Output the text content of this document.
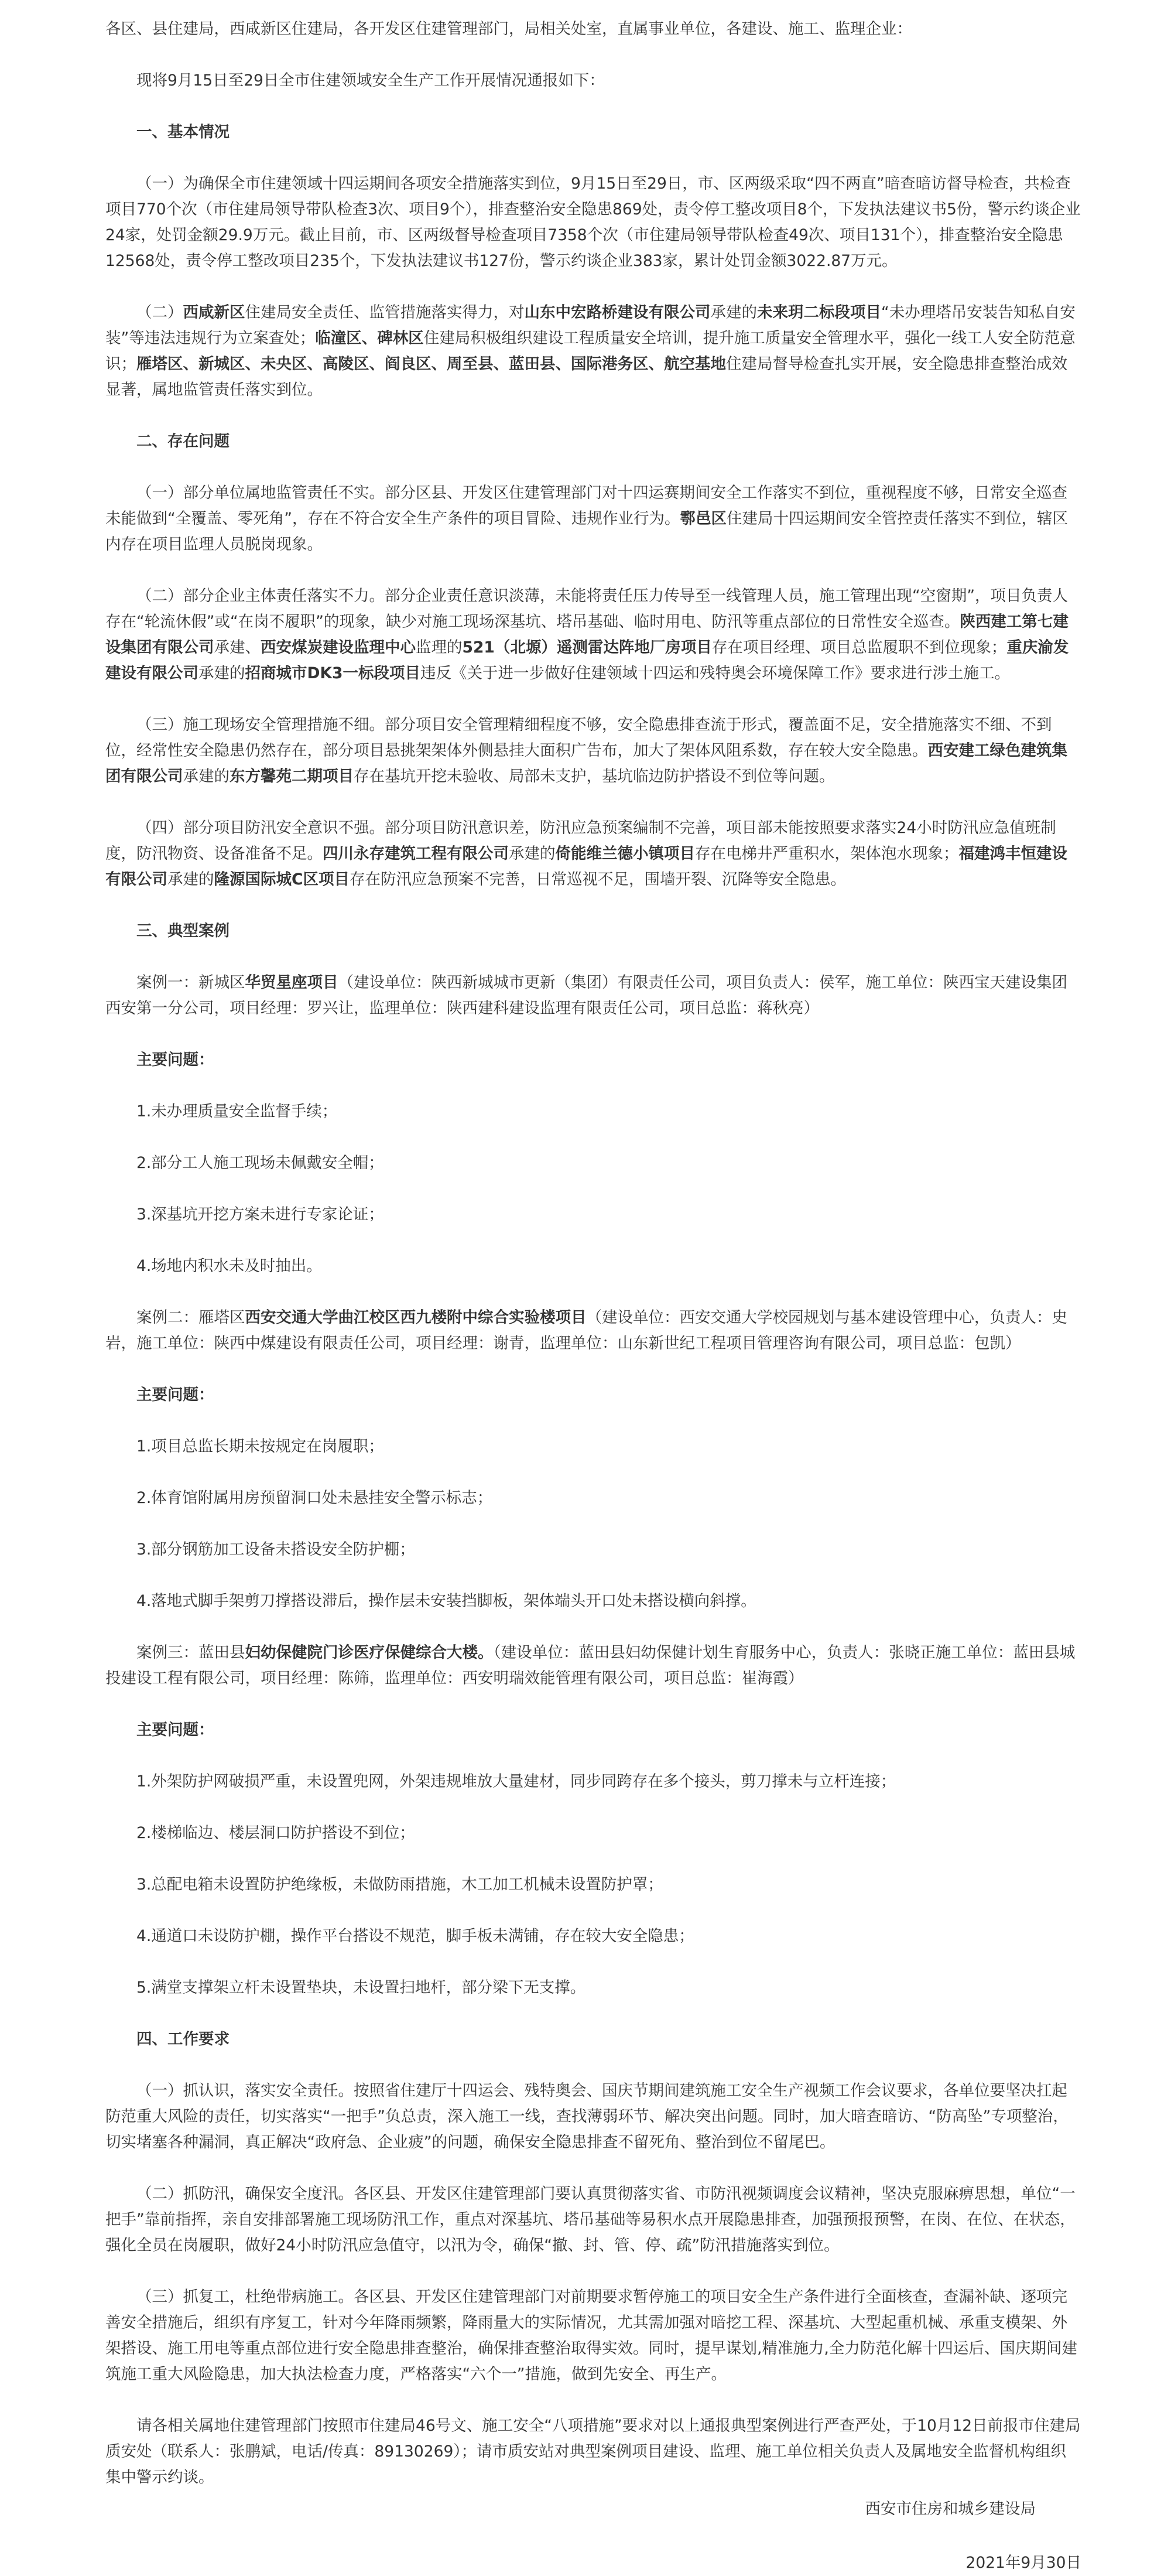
各区、县住建局，西咸新区住建局，各开发区住建管理部门，局相关处室，直属事业单位，各建设、施工、监理企业：

现将9月15日至29日全市住建领域安全生产工作开展情况通报如下：

一、基本情况

（一）为确保全市住建领域十四运期间各项安全措施落实到位，9月15日至29日，市、区两级采取“四不两直”暗查暗访督导检查，共检查项目770个次（市住建局领导带队检查3次、项目9个），排查整治安全隐患869处，责令停工整改项目8个，下发执法建议书5份，警示约谈企业24家，处罚金额29.9万元。截止目前，市、区两级督导检查项目7358个次（市住建局领导带队检查49次、项目131个），排查整治安全隐患12568处，责令停工整改项目235个，下发执法建议书127份，警示约谈企业383家，累计处罚金额3022.87万元。

（二）西咸新区住建局安全责任、监管措施落实得力，对山东中宏路桥建设有限公司承建的未来玥二标段项目“未办理塔吊安装告知私自安装”等违法违规行为立案查处；临潼区、碑林区住建局积极组织建设工程质量安全培训，提升施工质量安全管理水平，强化一线工人安全防范意识；雁塔区、新城区、未央区、高陵区、阎良区、周至县、蓝田县、国际港务区、航空基地住建局督导检查扎实开展，安全隐患排查整治成效显著，属地监管责任落实到位。

二、存在问题

（一）部分单位属地监管责任不实。部分区县、开发区住建管理部门对十四运赛期间安全工作落实不到位，重视程度不够，日常安全巡查未能做到“全覆盖、零死角”，存在不符合安全生产条件的项目冒险、违规作业行为。鄠邑区住建局十四运期间安全管控责任落实不到位，辖区内存在项目监理人员脱岗现象。

（二）部分企业主体责任落实不力。部分企业责任意识淡薄，未能将责任压力传导至一线管理人员，施工管理出现“空窗期”，项目负责人存在“轮流休假”或“在岗不履职”的现象，缺少对施工现场深基坑、塔吊基础、临时用电、防汛等重点部位的日常性安全巡查。陕西建工第七建设集团有限公司承建、西安煤炭建设监理中心监理的521（北塬）遥测雷达阵地厂房项目存在项目经理、项目总监履职不到位现象；重庆渝发建设有限公司承建的招商城市DK3一标段项目违反《关于进一步做好住建领域十四运和残特奥会环境保障工作》要求进行涉土施工。

（三）施工现场安全管理措施不细。部分项目安全管理精细程度不够，安全隐患排查流于形式，覆盖面不足，安全措施落实不细、不到位，经常性安全隐患仍然存在，部分项目悬挑架架体外侧悬挂大面积广告布，加大了架体风阻系数，存在较大安全隐患。西安建工绿色建筑集团有限公司承建的东方馨苑二期项目存在基坑开挖未验收、局部未支护，基坑临边防护搭设不到位等问题。

（四）部分项目防汛安全意识不强。部分项目防汛意识差，防汛应急预案编制不完善，项目部未能按照要求落实24小时防汛应急值班制度，防汛物资、设备准备不足。四川永存建筑工程有限公司承建的倚能维兰德小镇项目存在电梯井严重积水，架体泡水现象；福建鸿丰恒建设有限公司承建的隆源国际城C区项目存在防汛应急预案不完善，日常巡视不足，围墙开裂、沉降等安全隐患。

三、典型案例

案例一：新城区华贸星座项目（建设单位：陕西新城城市更新（集团）有限责任公司，项目负责人：侯军，施工单位：陕西宝天建设集团西安第一分公司，项目经理：罗兴让，监理单位：陕西建科建设监理有限责任公司，项目总监：蒋秋亮）

主要问题：

1.未办理质量安全监督手续；

2.部分工人施工现场未佩戴安全帽；

3.深基坑开挖方案未进行专家论证；

4.场地内积水未及时抽出。

案例二：雁塔区西安交通大学曲江校区西九楼附中综合实验楼项目（建设单位：西安交通大学校园规划与基本建设管理中心，负责人：史岩，施工单位：陕西中煤建设有限责任公司，项目经理：谢青，监理单位：山东新世纪工程项目管理咨询有限公司，项目总监：包凯）

主要问题：

1.项目总监长期未按规定在岗履职；

2.体育馆附属用房预留洞口处未悬挂安全警示标志；

3.部分钢筋加工设备未搭设安全防护棚；

4.落地式脚手架剪刀撑搭设滞后，操作层未安装挡脚板，架体端头开口处未搭设横向斜撑。

案例三：蓝田县妇幼保健院门诊医疗保健综合大楼。（建设单位：蓝田县妇幼保健计划生育服务中心，负责人：张晓正施工单位：蓝田县城投建设工程有限公司，项目经理：陈筛，监理单位：西安明瑞效能管理有限公司，项目总监：崔海霞）

主要问题：

1.外架防护网破损严重，未设置兜网，外架违规堆放大量建材，同步同跨存在多个接头，剪刀撑未与立杆连接；

2.楼梯临边、楼层洞口防护搭设不到位；

3.总配电箱未设置防护绝缘板，未做防雨措施，木工加工机械未设置防护罩；

4.通道口未设防护棚，操作平台搭设不规范，脚手板未满铺，存在较大安全隐患；

5.满堂支撑架立杆未设置垫块，未设置扫地杆，部分梁下无支撑。

四、工作要求

（一）抓认识，落实安全责任。按照省住建厅十四运会、残特奥会、国庆节期间建筑施工安全生产视频工作会议要求，各单位要坚决扛起防范重大风险的责任，切实落实“一把手”负总责，深入施工一线，查找薄弱环节、解决突出问题。同时，加大暗查暗访、“防高坠”专项整治，切实堵塞各种漏洞，真正解决“政府急、企业疲”的问题，确保安全隐患排查不留死角、整治到位不留尾巴。

（二）抓防汛，确保安全度汛。各区县、开发区住建管理部门要认真贯彻落实省、市防汛视频调度会议精神，坚决克服麻痹思想，单位“一把手”靠前指挥，亲自安排部署施工现场防汛工作，重点对深基坑、塔吊基础等易积水点开展隐患排查，加强预报预警，在岗、在位、在状态，强化全员在岗履职，做好24小时防汛应急值守，以汛为令，确保“撤、封、管、停、疏”防汛措施落实到位。

（三）抓复工，杜绝带病施工。各区县、开发区住建管理部门对前期要求暂停施工的项目安全生产条件进行全面核查，查漏补缺、逐项完善安全措施后，组织有序复工，针对今年降雨频繁，降雨量大的实际情况，尤其需加强对暗挖工程、深基坑、大型起重机械、承重支模架、外架搭设、施工用电等重点部位进行安全隐患排查整治，确保排查整治取得实效。同时，提早谋划,精准施力,全力防范化解十四运后、国庆期间建筑施工重大风险隐患，加大执法检查力度，严格落实“六个一”措施，做到先安全、再生产。

请各相关属地住建管理部门按照市住建局46号文、施工安全“八项措施”要求对以上通报典型案例进行严查严处，于10月12日前报市住建局质安处（联系人：张鹏斌，电话/传真：89130269）；请市质安站对典型案例项目建设、监理、施工单位相关负责人及属地安全监督机构组织集中警示约谈。

西安市住房和城乡建设局

2021年9月30日
